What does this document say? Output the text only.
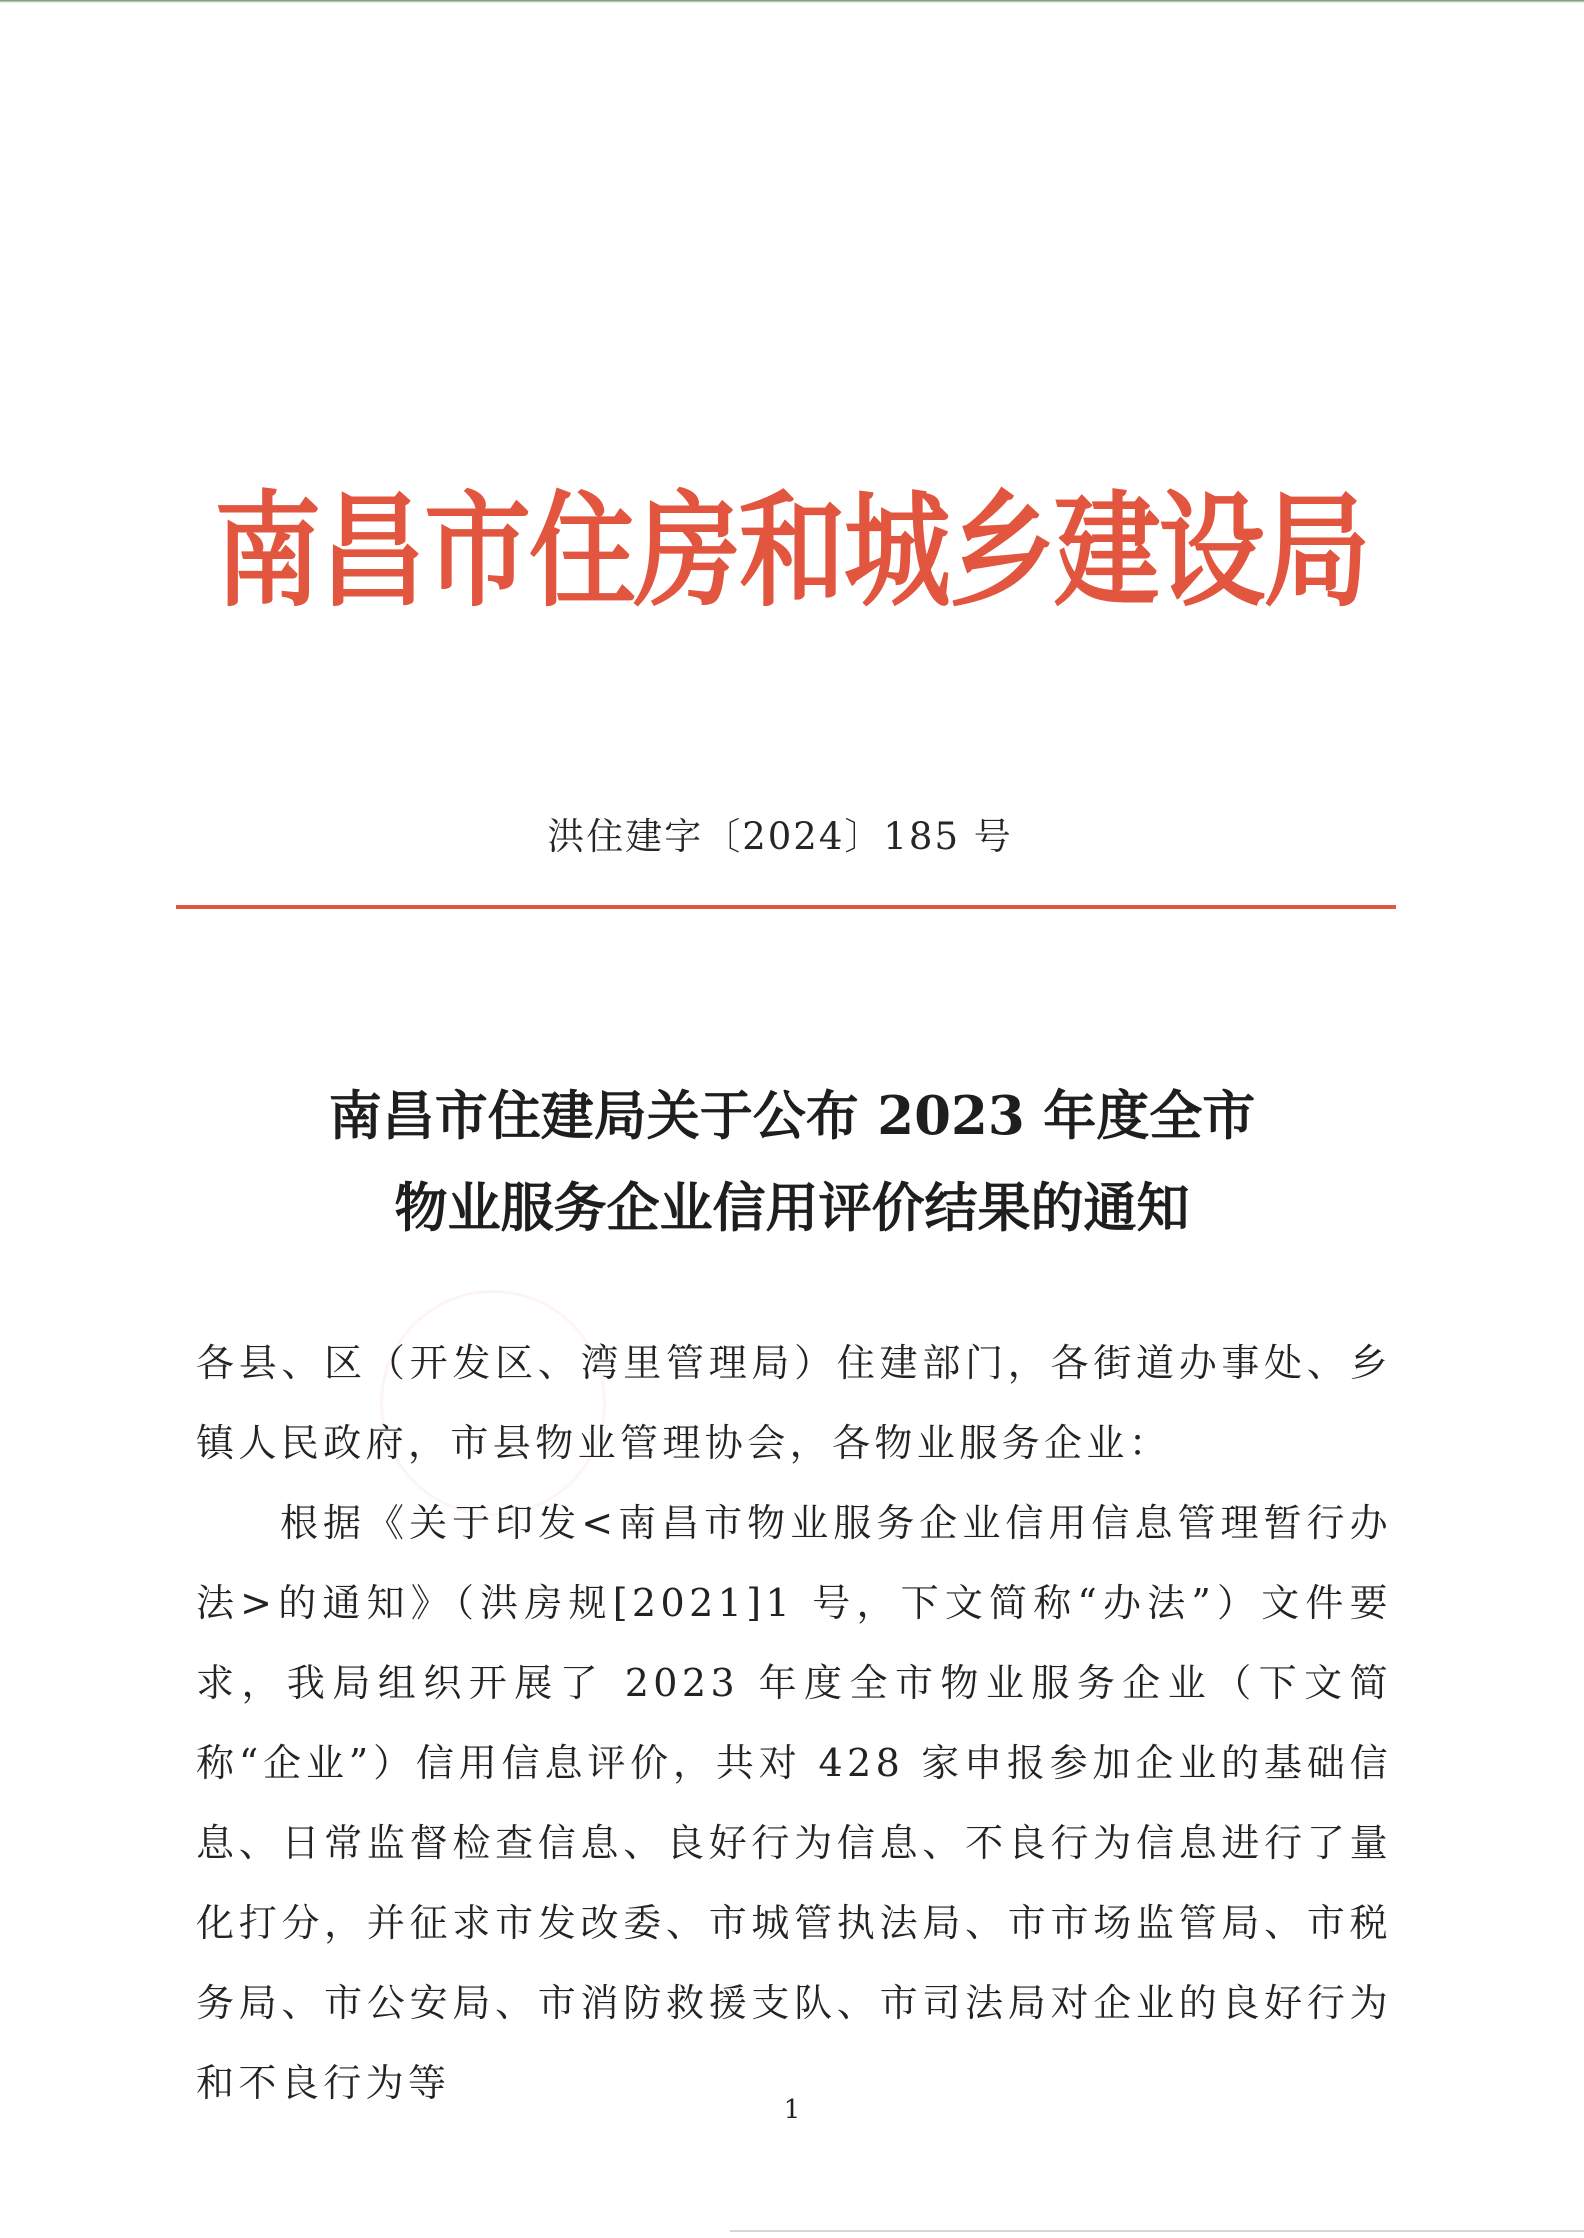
南昌市住房和城乡建设局
洪住建字〔2024〕185 号
南昌市住建局关于公布 2023 年度全市
物业服务企业信用评价结果的通知

各县、区（开发区、湾里管理局）住建部门，各街道办事处、乡镇人民政府，市县物业管理协会，各物业服务企业：

根据《关于印发<南昌市物业服务企业信用信息管理暂行办法>的通知》（洪房规[2021]1 号，下文简称“办法”）文件要求，我局组织开展了 2023 年度全市物业服务企业（下文简称“企业”）信用信息评价，共对 428 家申报参加企业的基础信息、日常监督检查信息、良好行为信息、不良行为信息进行了量化打分，并征求市发改委、市城管执法局、市市场监管局、市税务局、市公安局、市消防救援支队、市司法局对企业的良好行为和不良行为等

1
